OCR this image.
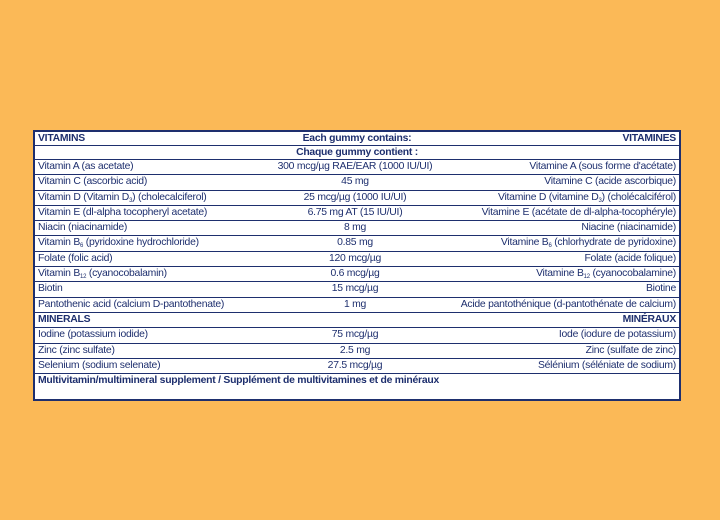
VITAMINS	Each gummy contains:	VITAMINES
Chaque gummy contient :
Vitamin A (as acetate)	300 mcg/µg RAE/EAR (1000 IU/UI)	Vitamine A (sous forme d'acétate)
Vitamin C (ascorbic acid)	45 mg	Vitamine C (acide ascorbique)
Vitamin D (Vitamin $D_3$) (cholecalciferol)	25 mcg/µg (1000 IU/UI)	Vitamine D (vitamine $D_3$) (cholécalciférol)
Vitamin E (dl-alpha tocopheryl acetate)	6.75 mg AT (15 IU/UI)	Vitamine E (acétate de dl-alpha-tocophéryle)
Niacin (niacinamide)	8 mg	Niacine (niacinamide)
Vitamin $B_6$ (pyridoxine hydrochloride)	0.85 mg	Vitamine $B_6$ (chlorhydrate de pyridoxine)
Folate (folic acid)	120 mcg/µg	Folate (acide folique)
Vitamin $B_{12}$ (cyanocobalamin)	0.6 mcg/µg	Vitamine $B_{12}$ (cyanocobalamine)
Biotin	15 mcg/µg	Biotine
Pantothenic acid (calcium D-pantothenate)	1 mg	Acide pantothénique (d-pantothénate de calcium)
MINERALS	MINÉRAUX
Iodine (potassium iodide)	75 mcg/µg	Iode (iodure de potassium)
Zinc (zinc sulfate)	2.5 mg	Zinc (sulfate de zinc)
Selenium (sodium selenate)	27.5 mcg/µg	Sélénium (séléniate de sodium)
Multivitamin/multimineral supplement / Supplément de multivitamines et de minéraux
